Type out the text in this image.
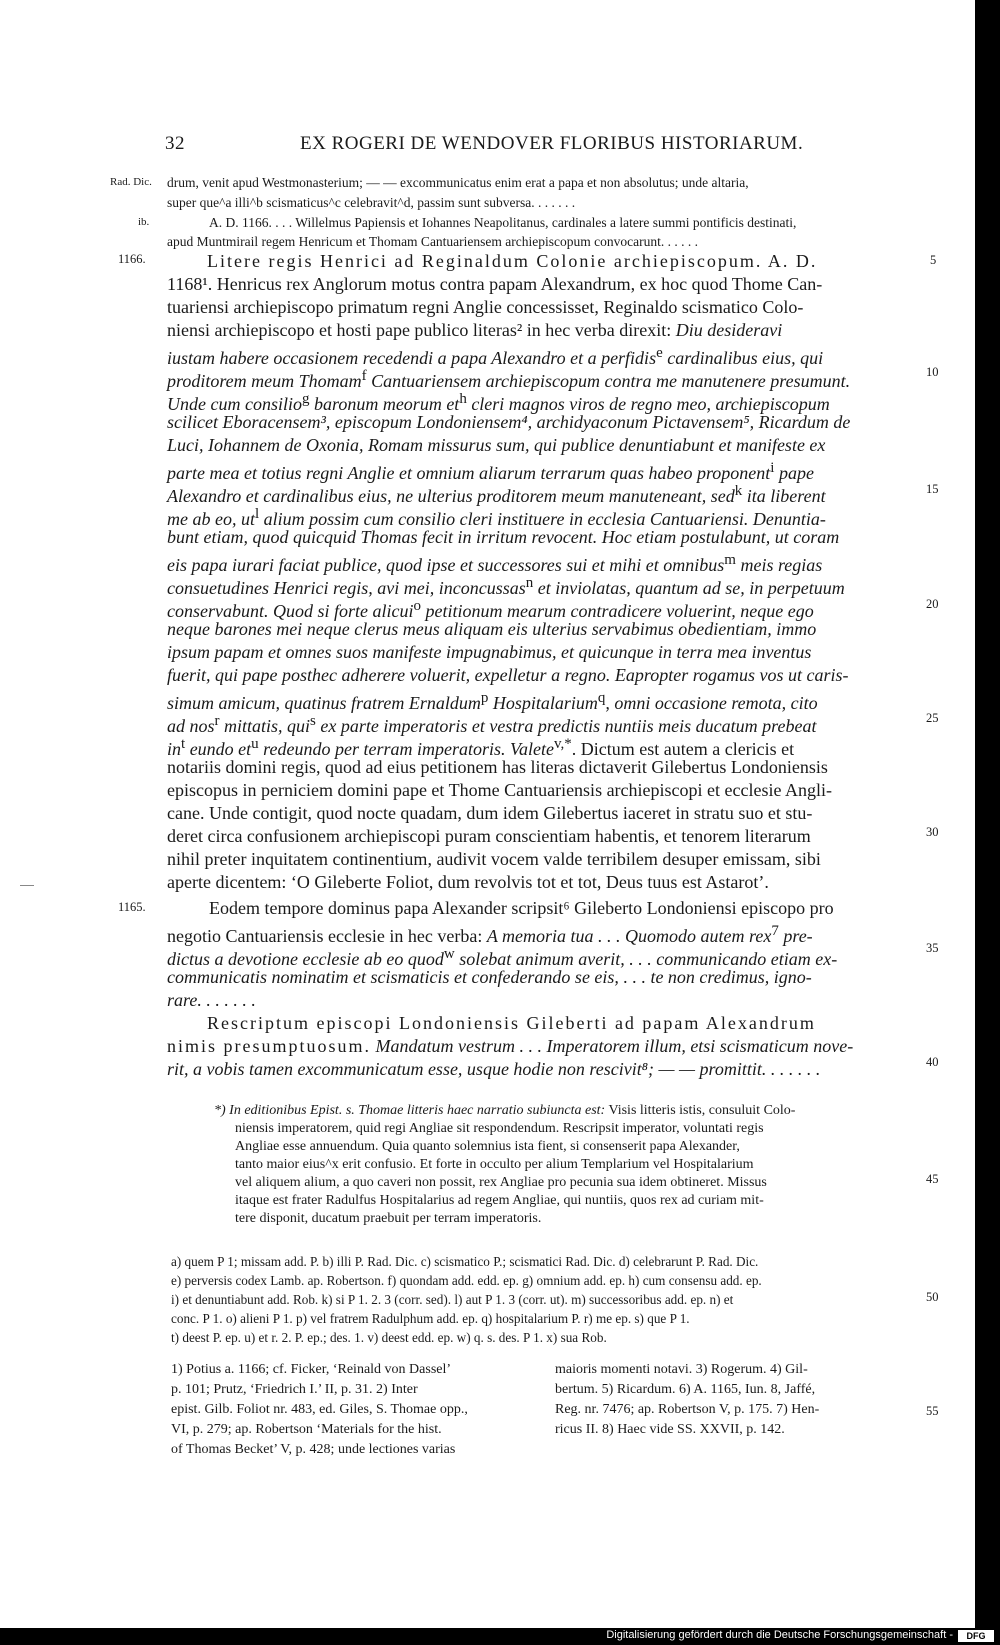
32	EX ROGERI DE WENDOVER FLORIBUS HISTORIARUM.
Rad. Dic.
ib.
1166.
1165.
5
10
15
20
25
30
35
40
45
50
55
drum, venit apud Westmonasterium; — — excommunicatus enim erat a papa et non absolutus; unde altaria,
super que^a illi^b scismaticus^c celebravit^d, passim sunt subversa. . . . . . .
A. D. 1166. . . . Willelmus Papiensis et Iohannes Neapolitanus, cardinales a latere summi pontificis destinati,
apud Muntmirail regem Henricum et Thomam Cantuariensem archiepiscopum convocarunt. . . . . .
Litere regis Henrici ad Reginaldum Colonie archiepiscopum. A. D.
1168¹. Henricus rex Anglorum motus contra papam Alexandrum, ex hoc quod Thome Can-
tuariensi archiepiscopo primatum regni Anglie concessisset, Reginaldo scismatico Colo-
niensi archiepiscopo et hosti pape publico literas² in hec verba direxit: Diu desideravi
iustam habere occasionem recedendi a papa Alexandro et a perfidis$^e$ cardinalibus eius, qui
proditorem meum Thomam$^f$ Cantuariensem archiepiscopum contra me manutenere presumunt.
Unde cum consilio$^g$ baronum meorum $et^h$ cleri magnos viros de regno meo, archiepiscopum
scilicet Eboracensem³, episcopum Londoniensem⁴, archidyaconum Pictavensem⁵, Ricardum de
Luci, Iohannem de Oxonia, Romam missurus sum, qui publice denuntiabunt et manifeste ex
parte mea et totius regni Anglie et omnium aliarum terrarum quas habeo proponent$^i$ pape
Alexandro et cardinalibus eius, ne ulterius proditorem meum manuteneant, sed$^k$ ita liberent
me ab eo, $ut^l$ alium possim cum consilio cleri instituere in ecclesia Cantuariensi. Denuntia-
bunt etiam, quod quicquid Thomas fecit in irritum revocent. Hoc etiam postulabunt, ut coram
eis papa iurari faciat publice, quod ipse et successores sui et mihi et omnibus$^m$ meis regias
consuetudines Henrici regis, avi mei, inconcussas$^n$ et inviolatas, quantum ad se, in perpetuum
conservabunt. Quod si forte alicui$^o$ petitionum mearum contradicere voluerint, neque ego
neque barones mei neque clerus meus aliquam eis ulterius servabimus obedientiam, immo
ipsum papam et omnes suos manifeste impugnabimus, et quicunque in terra mea inventus
fuerit, qui pape posthec adherere voluerit, expelletur a regno. Eapropter rogamus vos ut caris-
simum amicum, quatinus fratrem Ernaldum$^p$ Hospitalarium$^q$, omni occasione remota, cito
ad nos$^r$ mittatis, qui$^s$ ex parte imperatoris et vestra predictis nuntiis meis ducatum prebeat
$in^t$ eundo $et^u$ redeundo per terram imperatoris. Valete$^{v,*}$. Dictum est autem a clericis et
notariis domini regis, quod ad eius petitionem has literas dictaverit Gilebertus Londoniensis
episcopus in perniciem domini pape et Thome Cantuariensis archiepiscopi et ecclesie Angli-
cane. Unde contigit, quod nocte quadam, dum idem Gilebertus iaceret in stratu suo et stu-
deret circa confusionem archiepiscopi puram conscientiam habentis, et tenorem literarum
nihil preter inquitatem continentium, audivit vocem valde terribilem desuper emissam, sibi
aperte dicentem: ‘O Gileberte Foliot, dum revolvis tot et tot, Deus tuus est Astarot’.
Eodem tempore dominus papa Alexander scripsit⁶ Gileberto Londoniensi episcopo pro
negotio Cantuariensis ecclesie in hec verba: A memoria tua . . . Quomodo autem rex$^7$ pre-
dictus a devotione ecclesie ab eo quod$^w$ solebat animum averit, . . . communicando etiam ex-
communicatis nominatim et scismaticis et confederando se eis, . . . te non credimus, igno-
rare. . . . . . .
Rescriptum episcopi Londoniensis Gileberti ad papam Alexandrum
nimis presumptuosum. Mandatum vestrum . . . Imperatorem illum, etsi scismaticum nove-
rit, a vobis tamen excommunicatum esse, usque hodie non rescivit⁸; — — promittit. . . . . . .
*) In editionibus Epist. s. Thomae litteris haec narratio subiuncta est: Visis litteris istis, consuluit Colo-
niensis imperatorem, quid regi Angliae sit respondendum. Rescripsit imperator, voluntati regis
Angliae esse annuendum. Quia quanto solemnius ista fient, si consenserit papa Alexander,
tanto maior eius^x erit confusio. Et forte in occulto per alium Templarium vel Hospitalarium
vel aliquem alium, a quo caveri non possit, rex Angliae pro pecunia sua idem obtineret. Missus
itaque est frater Radulfus Hospitalarius ad regem Angliae, qui nuntiis, quos rex ad curiam mit-
tere disponit, ducatum praebuit per terram imperatoris.
a) quem P 1; missam add. P. b) illi P. Rad. Dic. c) scismatico P.; scismatici Rad. Dic. d) celebrarunt P. Rad. Dic.
e) perversis codex Lamb. ap. Robertson. f) quondam add. edd. ep. g) omnium add. ep. h) cum consensu add. ep.
i) et denuntiabunt add. Rob. k) si P 1. 2. 3 (corr. sed). l) aut P 1. 3 (corr. ut). m) successoribus add. ep. n) et
conc. P 1. o) alieni P 1. p) vel fratrem Radulphum add. ep. q) hospitalarium P. r) me ep. s) que P 1.
t) deest P. ep. u) et r. 2. P. ep.; des. 1. v) deest edd. ep. w) q. s. des. P 1. x) sua Rob.
1) Potius a. 1166; cf. Ficker, ‘Reinald von Dassel’
p. 101; Prutz, ‘Friedrich I.’ II, p. 31. 2) Inter
epist. Gilb. Foliot nr. 483, ed. Giles, S. Thomae opp.,
VI, p. 279; ap. Robertson ‘Materials for the hist.
of Thomas Becket’ V, p. 428; unde lectiones varias
maioris momenti notavi. 3) Rogerum. 4) Gil-
bertum. 5) Ricardum. 6) A. 1165, Iun. 8, Jaffé,
Reg. nr. 7476; ap. Robertson V, p. 175. 7) Hen-
ricus II. 8) Haec vide SS. XXVII, p. 142.
Digitalisierung gefördert durch die Deutsche Forschungsgemeinschaft -	DFG
